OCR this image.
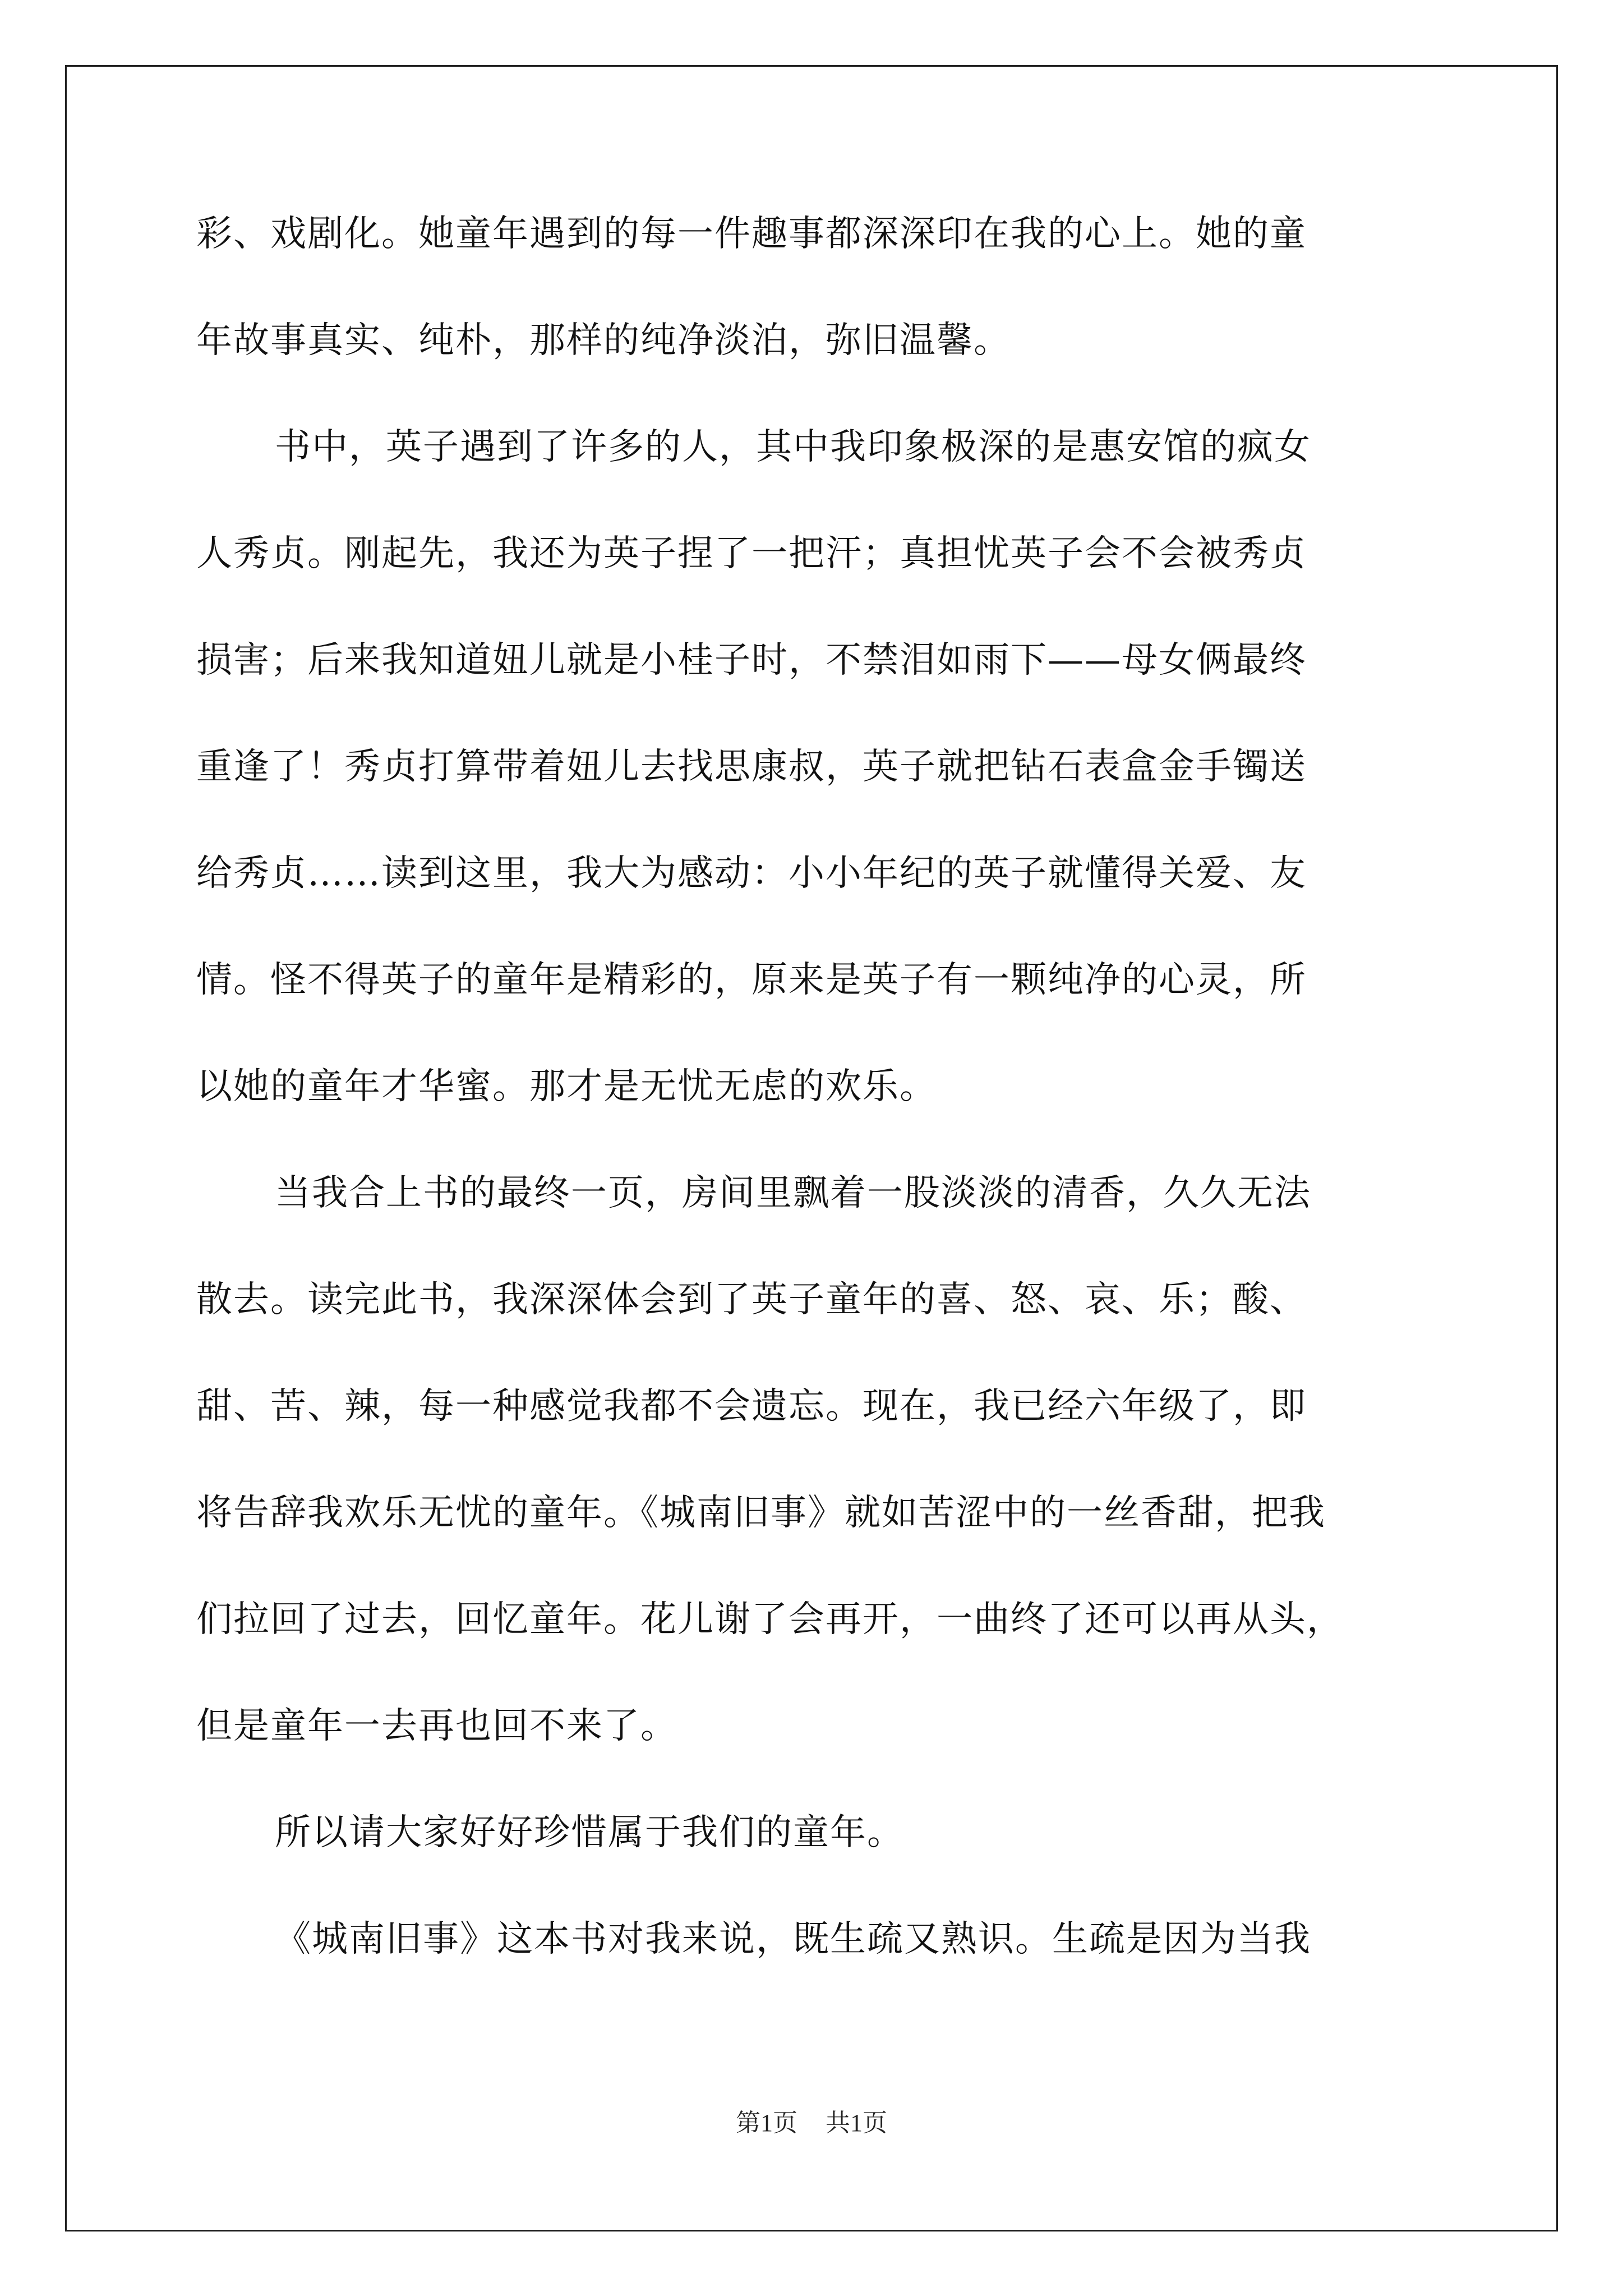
彩、戏剧化。她童年遇到的每一件趣事都深深印在我的心上。她的童
年故事真实、纯朴，那样的纯净淡泊，弥旧温馨。
书中，英子遇到了许多的人，其中我印象极深的是惠安馆的疯女
人秀贞。刚起先，我还为英子捏了一把汗；真担忧英子会不会被秀贞
损害；后来我知道妞儿就是小桂子时，不禁泪如雨下——母女俩最终
重逢了！秀贞打算带着妞儿去找思康叔，英子就把钻石表盒金手镯送
给秀贞……读到这里，我大为感动：小小年纪的英子就懂得关爱、友
情。怪不得英子的童年是精彩的，原来是英子有一颗纯净的心灵，所
以她的童年才华蜜。那才是无忧无虑的欢乐。
当我合上书的最终一页，房间里飘着一股淡淡的清香，久久无法
散去。读完此书，我深深体会到了英子童年的喜、怒、哀、乐；酸、
甜、苦、辣，每一种感觉我都不会遗忘。现在，我已经六年级了，即
将告辞我欢乐无忧的童年。《城南旧事》就如苦涩中的一丝香甜，把我
们拉回了过去，回忆童年。花儿谢了会再开，一曲终了还可以再从头，
但是童年一去再也回不来了。
所以请大家好好珍惜属于我们的童年。
《城南旧事》这本书对我来说，既生疏又熟识。生疏是因为当我
第1页 共1页
